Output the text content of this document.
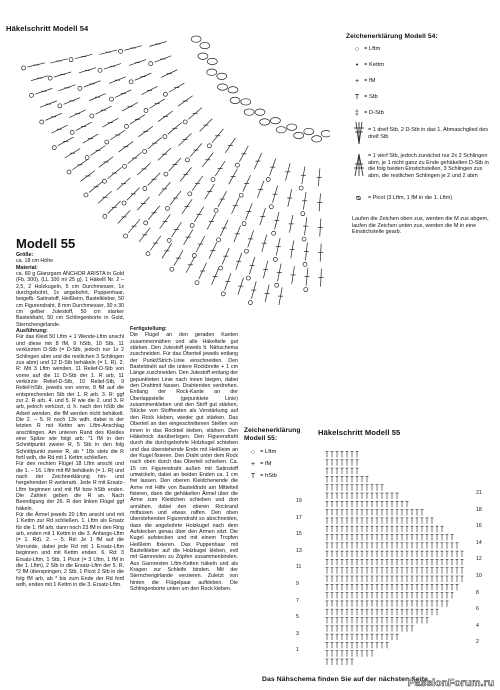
Häkelschritt Modell 54
Zeichenerklärung Modell 54:
○ = Lftm
• = Kettm
+ = fM
T = Stb
‡ = D-Stb
= 1 dreif Stb, 2 D-Stb in das 1. Abmaschglied des dreif Stb
= 1 vierf Stb, jedoch zunächst nur 2x 2 Schlingen abm, je 1 nicht ganz zu Ende gehäkelten D-Stb in die folg beiden Einstichstellen, 3 Schlingen zus abm, die restlichen Schlingen je 2 und 2 abm
ᴓ = Picot (3 Lftm, 1 fM in die 1. Lftm)
Laufen die Zeichen oben zus, werden die M zus abgem, laufen die Zeichen unten zus, werden die M in eine Einstichstelle gearb.
Modell 55

Größe:

ca. 18 cm Höhe

Material:

ca. 60 g Glanzgarn ANCHOR ARISTA in Gold (Fb. 300), (LL 100 m/ 25 g), 1 Häkelll Nr. 2 – 2,5, 2 Holzkugeln, 5 cm Durchmesser, 1x durchgebohrt, 1x angebohrt, Puppenhaar, beigefb. Satinstoff, Heißleim, Bastelkleber, 50 cm Figurendraht, 8 mm Durchmesser, 30 x 30 cm gelber Jutestoff, 50 cm starker Basteldraht, 50 cm Schlingenborte in Gold, Sternchengirlande.

Ausführung:

Für das Kleid 50 Lftm + 1 Wende-Lftm anschl und diese mit 8 fM, 9 hStb, 10 Stb, 11 verkürzten D-Stb (= D-Stb, jedoch nur 1x 2 Schlingen abm und die restlichen 3 Schlingen zus abm) und 12 D-Stb behäkeln (= 1. R). 2. R: Mit 3 Lftm wenden, 11 Relief-D-Stb von vorne auf die 11 D-Stb der 1. R arb, 11 verkürzte Relief-D-Stb, 10 Relief-Stb, 9 Relief-hStb, jeweils von vorne, 8 fM auf die entsprechenden Stb der 1. R arb. 3. R: ggf zur 2. R arb. 4. und 5. R wie die 2. und 3. R arb, jedoch verkürzt, d. h. nach den hStb die Arbeit wenden, die fM werden nicht behäkelt. Die 2. – 5. R noch 13x wdh, dabei in der letzten R mit Kettm am Lftm-Anschlag anschlingen. Am unteren Rand des Kleides eine Spitze wie folgt arb: "1 fM in den Schnittpunkt zweier R, 5 Stb in den folg Schnittpunkt zweier R, ab * 18x stets die R fortl wdh, die Rd mit 1 Kettm schließen.

Für den rechten Flügel 18 Lftm anschl und die 1. – 16. Lftm mit fM behäkeln (= 1. R) und nach der Zeichnerklärung hin- und hergehenden R weiterarb. Jede R mit Ersatz-Lftm beginnen und mit fM bzw hStb enden. Die Zahlen geben die R an. Nach Beendigung der 26. R den linken Flügel ggf häkeln.

Für die Ärmel jeweils 20 Lftm anschl und mit 1 Kettm zur Rd schließen. 1. Lftm als Ersatz für die 1. fM arb, dann noch 23 fM in den Ring arb, enden mit 1 Kettm in die 3. Anfangs-Lftm (= 1. Rd). 2. – 5. Rd: Je 1 fM auf die Vorrunde, dabei jede Rd mit 1 Ersatz-Lftm beginnen und mit Kettm enden. 6. Rd: 3 Ersatz-Lftm, 1 Stb, 1 Picot (= 3 Lftm, 1 fM in die 1. Lftm), 2 Stb in die Ersatz-Lftm der 5. R, *2 fM überspringen, 2 Stb, 1 Picot 2 Stb in die folg fM arb, ab * bis zum Ende der Rd fortl wdh, enden mit 1 Kettm in die 3. Ersatz-Lftm.

Fertigstellung:

Die Flügel an den geraden Kanten zusammennähen und alle Häkelteile gut stärken. Den Jutestoff jeweils lt. Nähschema zuschneiden. Für das Oberteil jeweils entlang der Punkt/Strich-Linie einschneiden. Den Basteldraht auf die untere Rockbreite + 1 cm Länge zuschneiden. Den Jutestoff entlang der gepunkteten Linie nach innen biegen, dabei den Drahtmit fassen. Drahtenden verdrehen. Entlang der Rock-Kante an der Überlappstelle (gepunktete Linie) zusammenkleben und den Stoff gut stärken, Stücke von Stoffresten als Verstärkung auf den Rock kleben, wieder gut stärken. Das Oberteil an den eingeschnittenen Stellen von innen in das Rockteil kleben, stärken. Den Häkelrock darüberlegen. Den Figurendraht durch die durchgebohrte Holzkugel schieben und das überstehende Ende mit Heißleim an der Kugel fixieren. Den Draht unter dem Rock nach oben durch das Oberteil schieben. Ca. 15 cm Figurendraht außen mit Satinstoff umwickeln, dabei an beiden Enden ca. 1 cm frei lassen. Den oberen Kleidchenende die Arme mit Hilfe von Basteldraht am Mittelteil fixieren, dann die gehäkelten Ärmel über die Arme zum Kleidchen schieben und dort annähen, dabei den oberen Rockrand mitfassen und etwas raffen. Den oben überstehenden Figurendraht so abschneiden, dass die angebohrte Holzkugel nach dem Aufstecken genau über den Armen sitzt. Die Kugel aufstecken und mit einem Tropfen Heißleim fixieren. Das Puppenhaar mit Bastelkleber auf die Holzkugel kleben, evtl mit Garnresten zu Zöpfen zusammenbinden. Aus Garnresten Lftm-Ketten häkeln und als Kragen zur Schleife binden. Mit der Sternchengirlande verzieren. Zuletzt von hinten die Flügelpaar aufkleben. Die Schlingenborte unten um den Rock kleben.

Zeichenerklärung
Modell 55:
○ = Lftm
+ = fM
T = hStb
Häkelschritt Modell 55
19
17
15
13
11
9
7
5
3
1
21
18
16
14
12
10
8
6
4
2
Das Nähschema finden Sie auf der nächsten Seite
PassionForum.ru
